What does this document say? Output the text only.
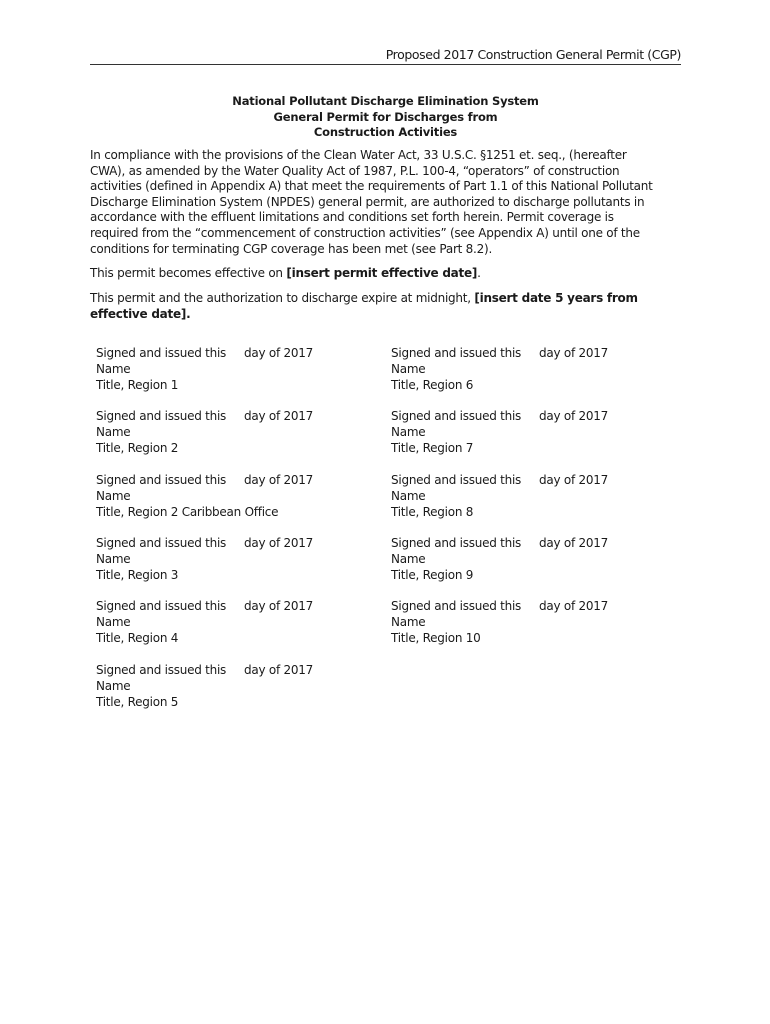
Proposed 2017 Construction General Permit (CGP)
National Pollutant Discharge Elimination System
General Permit for Discharges from
Construction Activities

In compliance with the provisions of the Clean Water Act, 33 U.S.C. §1251 et. seq., (hereafter CWA), as amended by the Water Quality Act of 1987, P.L. 100-4, “operators” of construction activities (defined in Appendix A) that meet the requirements of Part 1.1 of this National Pollutant Discharge Elimination System (NPDES) general permit, are authorized to discharge pollutants in accordance with the effluent limitations and conditions set forth herein. Permit coverage is required from the “commencement of construction activities” (see Appendix A) until one of the conditions for terminating CGP coverage has been met (see Part 8.2).

This permit becomes effective on [insert permit effective date].

This permit and the authorization to discharge expire at midnight, [insert date 5 years from effective date].

Signed and issued this day of 2017
Name
Title, Region 1
Signed and issued this day of 2017
Name
Title, Region 2
Signed and issued this day of 2017
Name
Title, Region 2 Caribbean Office
Signed and issued this day of 2017
Name
Title, Region 3
Signed and issued this day of 2017
Name
Title, Region 4
Signed and issued this day of 2017
Name
Title, Region 5
Signed and issued this day of 2017
Name
Title, Region 6
Signed and issued this day of 2017
Name
Title, Region 7
Signed and issued this day of 2017
Name
Title, Region 8
Signed and issued this day of 2017
Name
Title, Region 9
Signed and issued this day of 2017
Name
Title, Region 10
